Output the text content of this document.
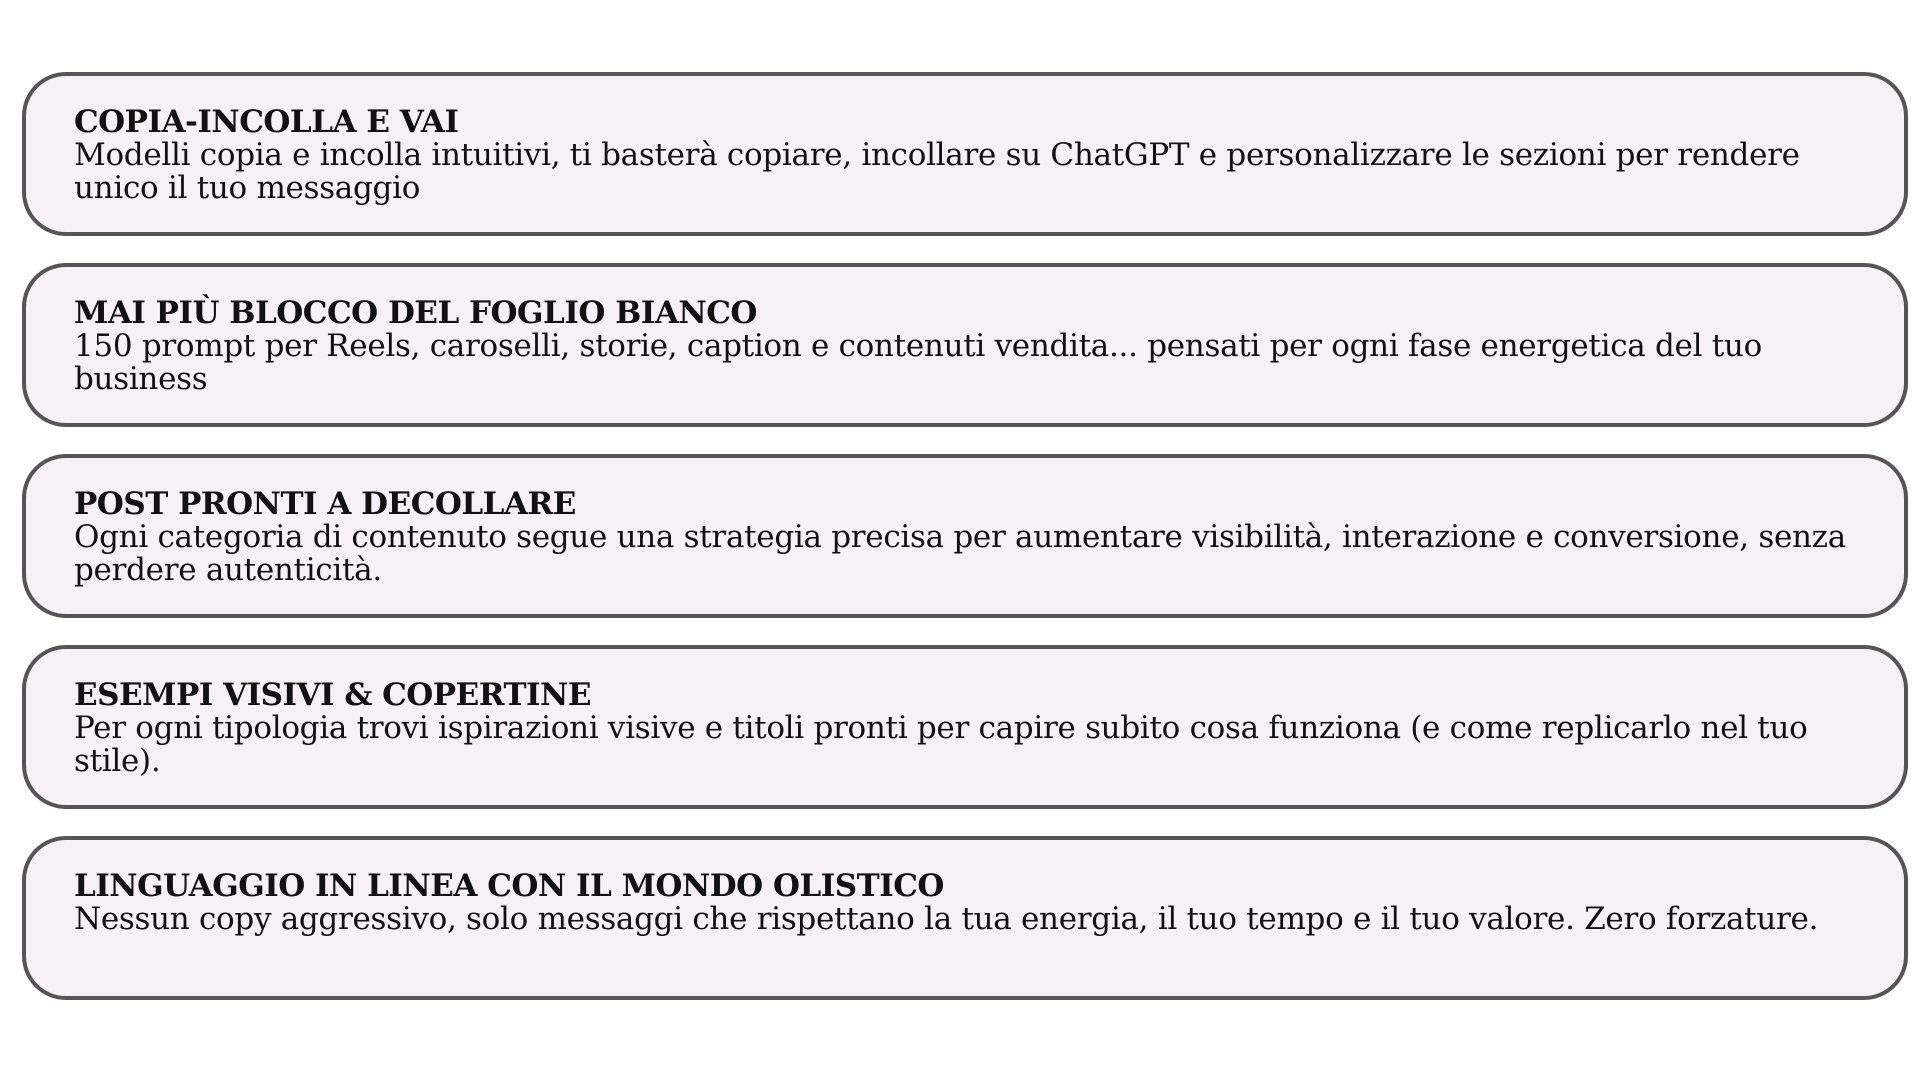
COPIA-INCOLLA E VAI
Modelli copia e incolla intuitivi, ti basterà copiare, incollare su ChatGPT e personalizzare le sezioni per rendere unico il tuo messaggio
MAI PIÙ BLOCCO DEL FOGLIO BIANCO
150 prompt per Reels, caroselli, storie, caption e contenuti vendita... pensati per ogni fase energetica del tuo business
POST PRONTI A DECOLLARE
Ogni categoria di contenuto segue una strategia precisa per aumentare visibilità, interazione e conversione, senza perdere autenticità.
ESEMPI VISIVI & COPERTINE
Per ogni tipologia trovi ispirazioni visive e titoli pronti per capire subito cosa funziona (e come replicarlo nel tuo stile).
LINGUAGGIO IN LINEA CON IL MONDO OLISTICO
Nessun copy aggressivo, solo messaggi che rispettano la tua energia, il tuo tempo e il tuo valore. Zero forzature.
